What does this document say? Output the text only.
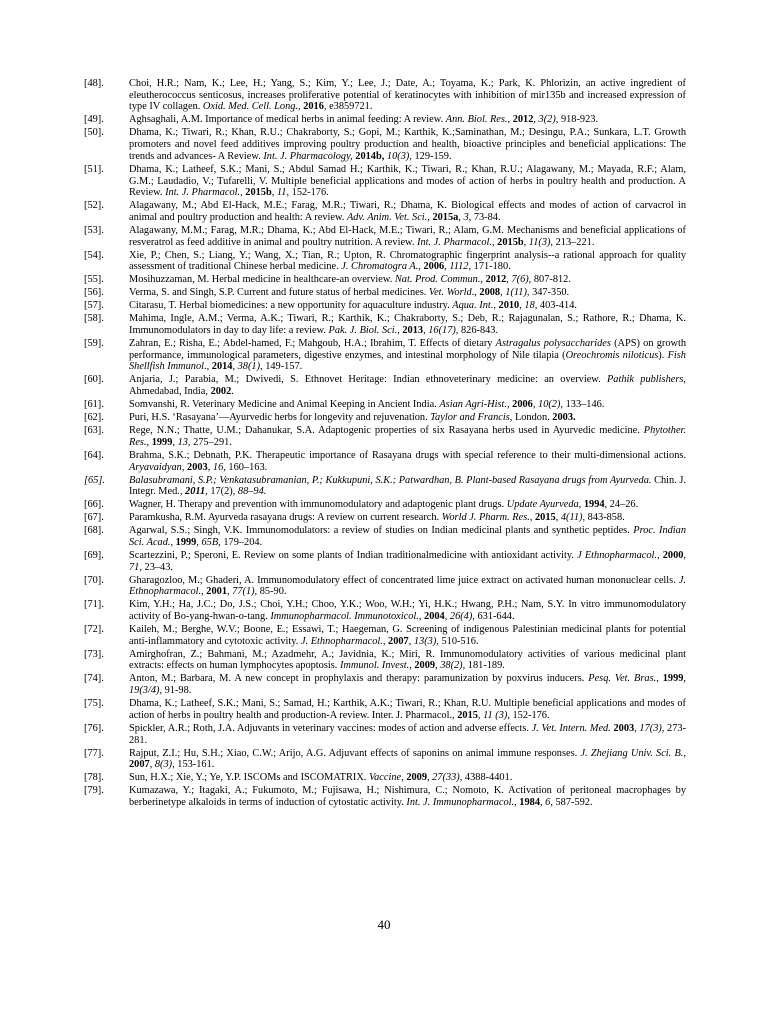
[48].	Choi, H.R.; Nam, K.; Lee, H.; Yang, S.; Kim, Y.; Lee, J.; Date, A.; Toyama, K.; Park, K. Phlorizin, an active ingredient of eleutherococcus senticosus, increases proliferative potential of keratinocytes with inhibition of mir135b and increased expression of type IV collagen. Oxid. Med. Cell. Long., 2016, e3859721.
[49].	Aghsaghali, A.M. Importance of medical herbs in animal feeding: A review. Ann. Biol. Res., 2012, 3(2), 918-923.
[50].	Dhama, K.; Tiwari, R.; Khan, R.U.; Chakraborty, S.; Gopi, M.; Karthik, K.;Saminathan, M.; Desingu, P.A.; Sunkara, L.T. Growth promoters and novel feed additives improving poultry production and health, bioactive principles and beneficial applications: The trends and advances- A Review. Int. J. Pharmacology, 2014b, 10(3), 129-159.
[51].	Dhama, K.; Latheef, S.K.; Mani, S.; Abdul Samad H.; Karthik, K.; Tiwari, R.; Khan, R.U.; Alagawany, M.; Mayada, R.F.; Alam, G.M.; Laudadio, V.; Tufarelli, V. Multiple beneficial applications and modes of action of herbs in poultry health and production. A Review. Int. J. Pharmacol., 2015b, 11, 152-176.
[52].	Alagawany, M.; Abd El-Hack, M.E.; Farag, M.R.; Tiwari, R.; Dhama, K. Biological effects and modes of action of carvacrol in animal and poultry production and health: A review. Adv. Anim. Vet. Sci., 2015a, 3, 73-84.
[53].	Alagawany, M.M.; Farag, M.R.; Dhama, K.; Abd El-Hack, M.E.; Tiwari, R.; Alam, G.M. Mechanisms and beneficial applications of resveratrol as feed additive in animal and poultry nutrition. A review. Int. J. Pharmacol., 2015b, 11(3), 213–221.
[54].	Xie, P.; Chen, S.; Liang, Y.; Wang, X.; Tian, R.; Upton, R. Chromatographic fingerprint analysis--a rational approach for quality assessment of traditional Chinese herbal medicine. J. Chromatogra A., 2006, 1112, 171-180.
[55].	Mosihuzzaman, M. Herbal medicine in healthcare-an overview. Nat. Prod. Commun., 2012, 7(6), 807-812.
[56].	Verma, S. and Singh, S.P. Current and future status of herbal medicines. Vet. World., 2008, 1(11), 347-350.
[57].	Citarasu, T. Herbal biomedicines: a new opportunity for aquaculture industry. Aqua. Int., 2010, 18, 403-414.
[58].	Mahima, Ingle, A.M.; Verma, A.K.; Tiwari, R.; Karthik, K.; Chakraborty, S.; Deb, R.; Rajagunalan, S.; Rathore, R.; Dhama, K. Immunomodulators in day to day life: a review. Pak. J. Biol. Sci., 2013, 16(17), 826-843.
[59].	Zahran, E.; Risha, E.; Abdel-hamed, F.; Mahgoub, H.A.; Ibrahim, T. Effects of dietary Astragalus polysaccharides (APS) on growth performance, immunological parameters, digestive enzymes, and intestinal morphology of Nile tilapia (Oreochromis niloticus). Fish Shellfish Immunol., 2014, 38(1), 149-157.
[60].	Anjaria, J.; Parabia, M.; Dwivedi, S. Ethnovet Heritage: Indian ethnoveterinary medicine: an overview. Pathik publishers, Ahmedabad, India, 2002.
[61].	Somvanshi, R. Veterinary Medicine and Animal Keeping in Ancient India. Asian Agri-Hist., 2006, 10(2), 133–146.
[62].	Puri, H.S. ‘Rasayana’—Ayurvedic herbs for longevity and rejuvenation. Taylor and Francis, London. 2003.
[63].	Rege, N.N.; Thatte, U.M.; Dahanukar, S.A. Adaptogenic properties of six Rasayana herbs used in Ayurvedic medicine. Phytother. Res., 1999, 13, 275–291.
[64].	Brahma, S.K.; Debnath, P.K. Therapeutic importance of Rasayana drugs with special reference to their multi-dimensional actions. Aryavaidyan, 2003, 16, 160–163.
[65].	Balasubramani, S.P.; Venkatasubramanian, P.; Kukkupuni, S.K.; Patwardhan, B. Plant-based Rasayana drugs from Ayurveda. Chin. J. Integr. Med., 2011, 17(2), 88–94.
[66].	Wagner, H. Therapy and prevention with immunomodulatory and adaptogenic plant drugs. Update Ayurveda, 1994, 24–26.
[67].	Paramkusha, R.M. Ayurveda rasayana drugs: A review on current research. World J. Pharm. Res., 2015, 4(11), 843-858.
[68].	Agarwal, S.S.; Singh, V.K. Immunomodulators: a review of studies on Indian medicinal plants and synthetic peptides. Proc. Indian Sci. Acad., 1999, 65B, 179–204.
[69].	Scartezzini, P.; Speroni, E. Review on some plants of Indian traditionalmedicine with antioxidant activity. J Ethnopharmacol., 2000, 71, 23–43.
[70].	Gharagozloo, M.; Ghaderi, A. Immunomodulatory effect of concentrated lime juice extract on activated human mononuclear cells. J. Ethnopharmacol., 2001, 77(1), 85-90.
[71].	Kim, Y.H.; Ha, J.C.; Do, J.S.; Choi, Y.H.; Choo, Y.K.; Woo, W.H.; Yi, H.K.; Hwang, P.H.; Nam, S.Y. In vitro immunomodulatory activity of Bo-yang-hwan-o-tang. Immunopharmacol. Immunotoxicol., 2004, 26(4), 631-644.
[72].	Kaileh, M.; Berghe, W.V.; Boone, E.; Essawi, T.; Haegeman, G. Screening of indigenous Palestinian medicinal plants for potential anti-inflammatory and cytotoxic activity. J. Ethnopharmacol., 2007, 13(3), 510-516.
[73].	Amirghofran, Z.; Bahmani, M.; Azadmehr, A.; Javidnia, K.; Miri, R. Immunomodulatory activities of various medicinal plant extracts: effects on human lymphocytes apoptosis. Immunol. Invest., 2009, 38(2), 181-189.
[74].	Anton, M.; Barbara, M. A new concept in prophylaxis and therapy: paramunization by poxvirus inducers. Pesq. Vet. Bras., 1999, 19(3/4), 91-98.
[75].	Dhama, K.; Latheef, S.K.; Mani, S.; Samad, H.; Karthik, A.K.; Tiwari, R.; Khan, R.U. Multiple beneficial applications and modes of action of herbs in poultry health and production-A review. Inter. J. Pharmacol., 2015, 11 (3), 152-176.
[76].	Spickler, A.R.; Roth, J.A. Adjuvants in veterinary vaccines: modes of action and adverse effects. J. Vet. Intern. Med. 2003, 17(3), 273-281.
[77].	Rajput, Z.I.; Hu, S.H.; Xiao, C.W.; Arijo, A.G. Adjuvant effects of saponins on animal immune responses. J. Zhejiang Univ. Sci. B., 2007, 8(3), 153-161.
[78].	Sun, H.X.; Xie, Y.; Ye, Y.P. ISCOMs and ISCOMATRIX. Vaccine, 2009, 27(33), 4388-4401.
[79].	Kumazawa, Y.; Itagaki, A.; Fukumoto, M.; Fujisawa, H.; Nishimura, C.; Nomoto, K. Activation of peritoneal macrophages by berberinetype alkaloids in terms of induction of cytostatic activity. Int. J. Immunopharmacol., 1984, 6, 587-592.
40
